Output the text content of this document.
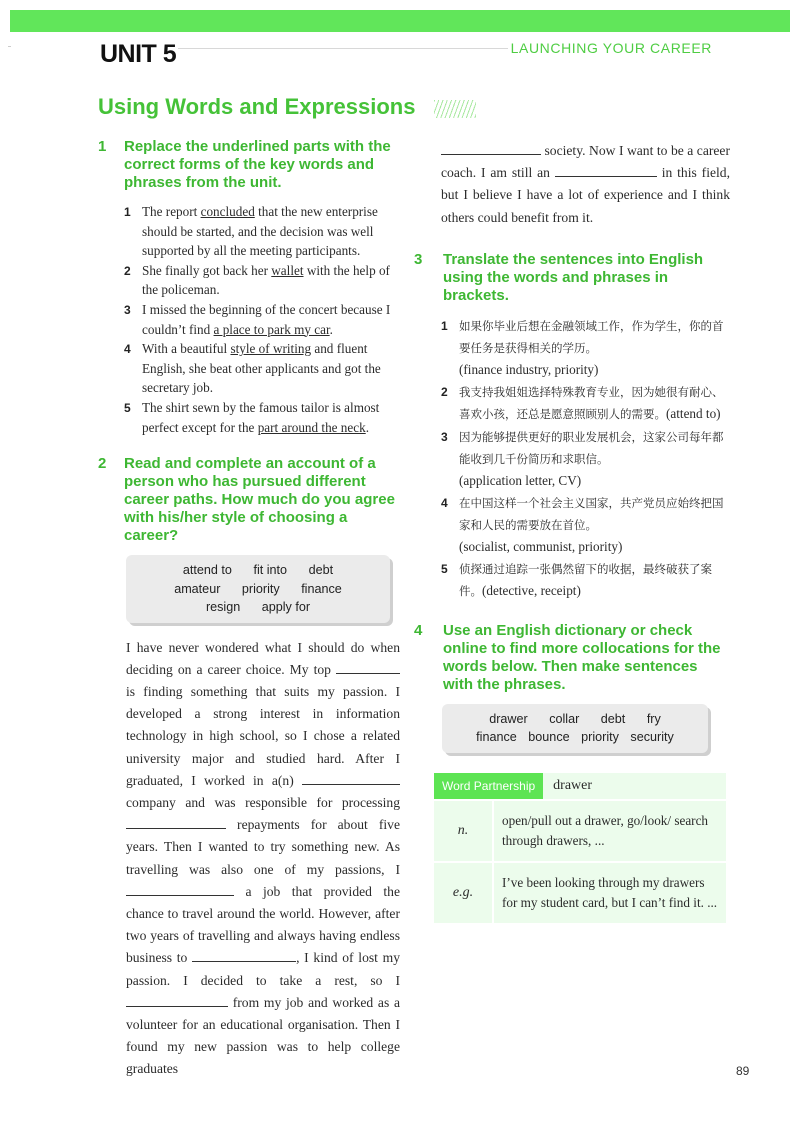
UNIT 5	LAUNCHING YOUR CAREER
Using Words and Expressions
1	Replace the underlined parts with the correct forms of the key words and phrases from the unit.
1 The report concluded that the new enterprise should be started, and the decision was well supported by all the meeting participants.
2 She finally got back her wallet with the help of the policeman.
3 I missed the beginning of the concert because I couldn’t find a place to park my car.
4 With a beautiful style of writing and fluent English, she beat other applicants and got the secretary job.
5 The shirt sewn by the famous tailor is almost perfect except for the part around the neck.
2	Read and complete an account of a person who has pursued different career paths. How much do you agree with his/her style of choosing a career?
attend to fit into debt
amateur priority finance
resign apply for
I have never wondered what I should do when deciding on a career choice. My top  is finding something that suits my passion. I developed a strong interest in information technology in high school, so I chose a related university major and studied hard. After I graduated, I worked in a(n)  company and was responsible for processing  repayments for about five years. Then I wanted to try something new. As travelling was also one of my passions, I  a job that provided the chance to travel around the world. However, after two years of travelling and always having endless business to	, I kind of lost my passion. I decided to take a rest, so I  from my job and worked as a volunteer for an educational organisation. Then I found my new passion was to help college graduates
society. Now I want to be a career coach. I am still an	in this field, but I believe I have a lot of experience and I think others could benefit from it.
3	Translate the sentences into English using the words and phrases in brackets.
1 如果你毕业后想在金融领域工作，作为学生，你的首要任务是获得相关的学历。
(finance industry, priority)
2 我支持我姐姐选择特殊教育专业，因为她很有耐心、喜欢小孩，还总是愿意照顾别人的需要。(attend to)
3 因为能够提供更好的职业发展机会，这家公司每年都能收到几千份简历和求职信。
(application letter, CV)
4 在中国这样一个社会主义国家，共产党员应始终把国家和人民的需要放在首位。
(socialist, communist, priority)
5 侦探通过追踪一张偶然留下的收据，最终破获了案件。(detective, receipt)
4	Use an English dictionary or check online to find more collocations for the words below. Then make sentences with the phrases.
drawer collar debt fry
finance bounce priority security
Word Partnership	drawer
n.
open/pull out a drawer, go/look/ search through drawers, ...
e.g.
I’ve been looking through my drawers for my student card, but I can’t find it. ...
89
